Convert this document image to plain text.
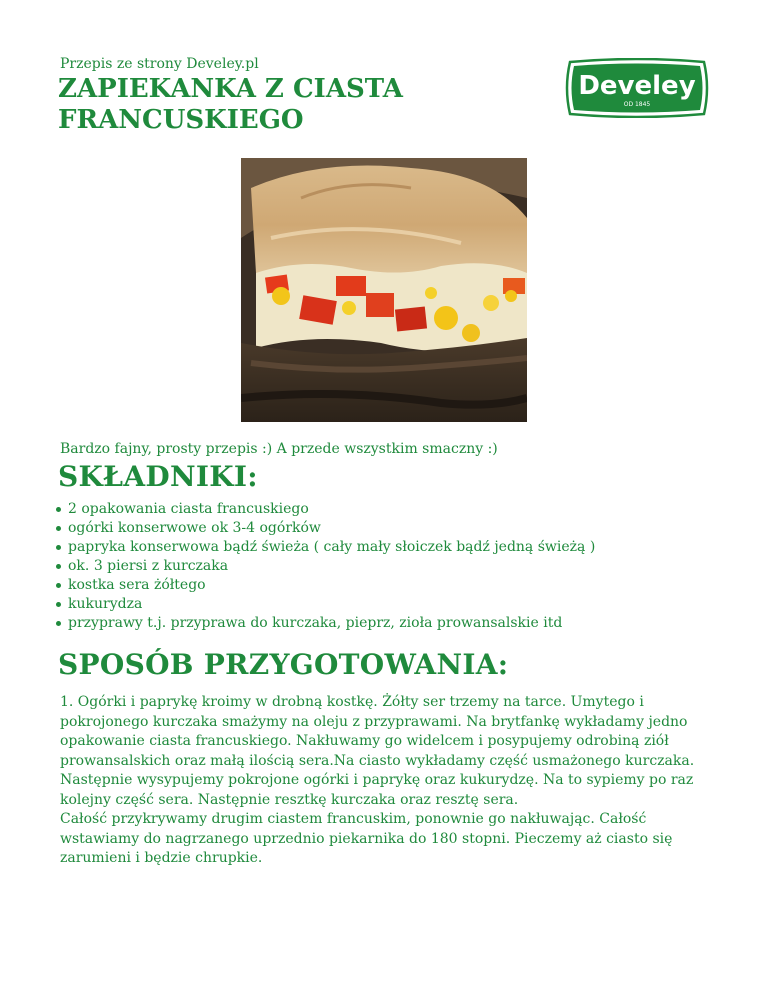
Przepis ze strony Develey.pl
ZAPIEKANKA Z CIASTA
FRANCUSKIEGO
Develey
OD 1845
Bardzo fajny, prosty przepis :) A przede wszystkim smaczny :)
SKŁADNIKI:
2 opakowania ciasta francuskiego
ogórki konserwowe ok 3-4 ogórków
papryka konserwowa bądź świeża ( cały mały słoiczek bądź jedną świeżą )
ok. 3 piersi z kurczaka
kostka sera żółtego
kukurydza
przyprawy t.j. przyprawa do kurczaka, pieprz, zioła prowansalskie itd
SPOSÓB PRZYGOTOWANIA:

1. Ogórki i paprykę kroimy w drobną kostkę. Żółty ser trzemy na tarce. Umytego i pokrojonego kurczaka smażymy na oleju z przyprawami. Na brytfankę wykładamy jedno opakowanie ciasta francuskiego. Nakłuwamy go widelcem i posypujemy odrobiną ziół prowansalskich oraz małą ilością sera.Na ciasto wykładamy część usmażonego kurczaka. Następnie wysypujemy pokrojone ogórki i paprykę oraz kukurydzę. Na to sypiemy po raz kolejny część sera. Następnie resztkę kurczaka oraz resztę sera.

Całość przykrywamy drugim ciastem francuskim, ponownie go nakłuwając. Całość wstawiamy do nagrzanego uprzednio piekarnika do 180 stopni. Pieczemy aż ciasto się zarumieni i będzie chrupkie.
